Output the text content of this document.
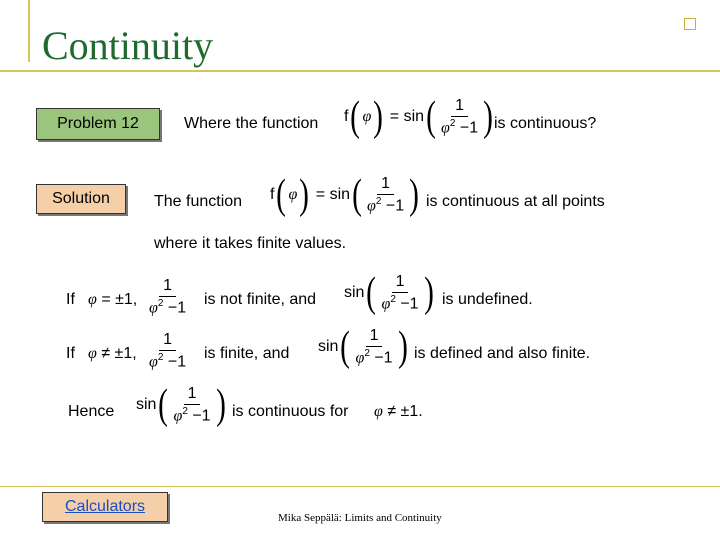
Continuity
Problem 12	Where the function f( $\varphi) = \sin( \frac{1}{\varphi^2 -1}$ ) is continuous?
Solution	The function f( $\varphi) = \sin( \frac{1}{\varphi^2 -1}$ ) is continuous at all points
where it takes finite values.
If φ = ±1, $\frac{1}{\varphi^2 -1}$ is not finite, and $\sin( \frac{1}{\varphi^2 -1}$ ) is undefined.
If φ ≠ ±1, $\frac{1}{\varphi^2 -1}$ is finite, and $\sin( \frac{1}{\varphi^2 -1}$ ) is defined and also finite.
Hence $\sin( \frac{1}{\varphi^2 -1}$ ) is continuous for φ ≠ ±1.
Calculators
Mika Seppälä: Limits and Continuity
